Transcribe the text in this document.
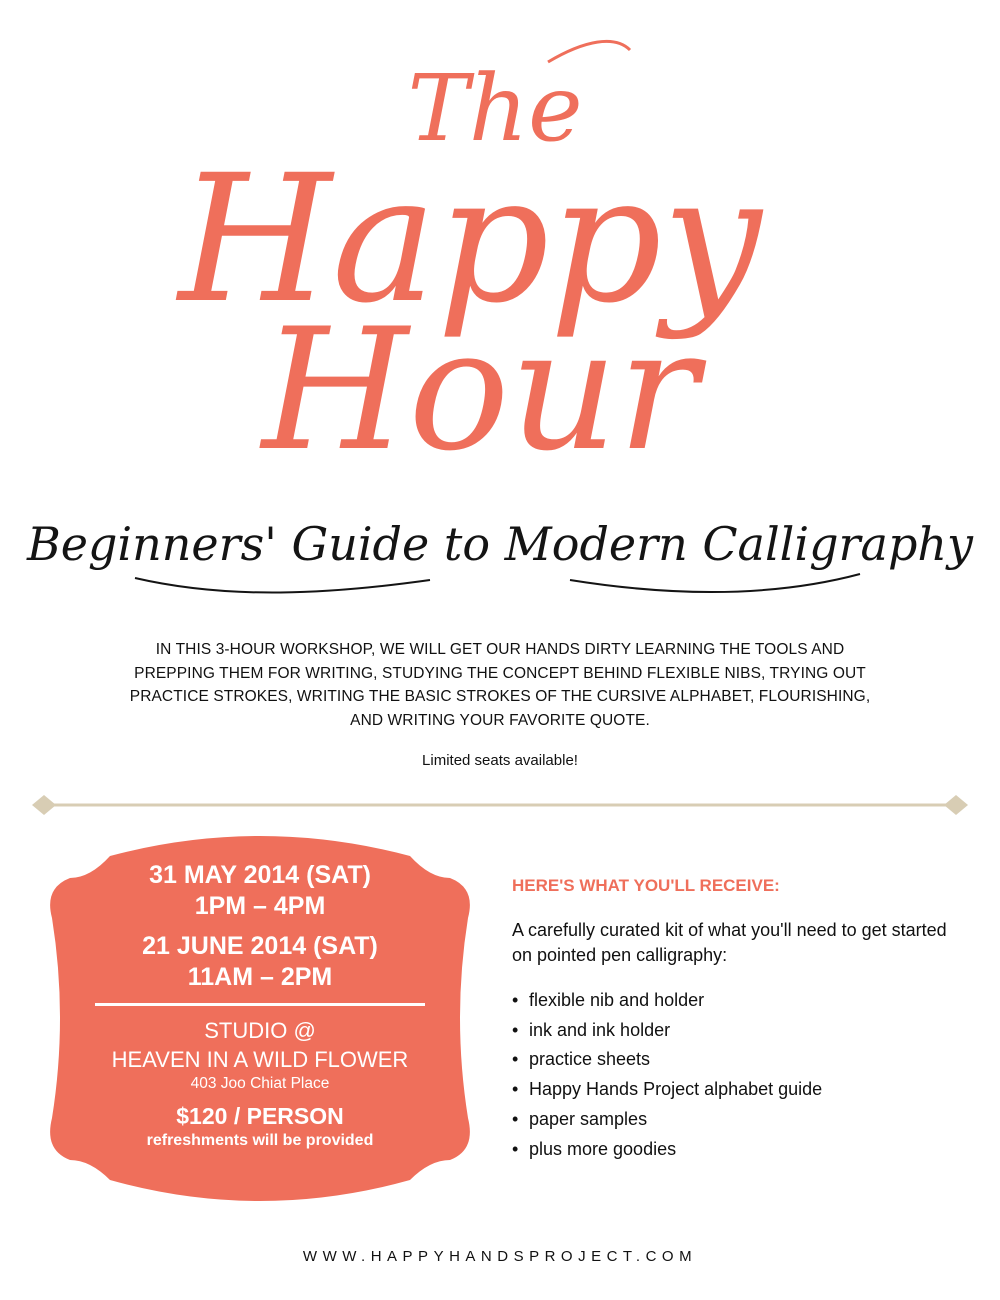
The
Happy
Hour
Beginners' Guide to Modern Calligraphy
IN THIS 3-HOUR WORKSHOP, WE WILL GET OUR HANDS DIRTY LEARNING THE TOOLS AND PREPPING THEM FOR WRITING, STUDYING THE CONCEPT BEHIND FLEXIBLE NIBS, TRYING OUT PRACTICE STROKES, WRITING THE BASIC STROKES OF THE CURSIVE ALPHABET, FLOURISHING, AND WRITING YOUR FAVORITE QUOTE.
Limited seats available!
31 MAY 2014 (SAT)
1PM – 4PM
21 JUNE 2014 (SAT)
11AM – 2PM
STUDIO @
HEAVEN IN A WILD FLOWER
403 Joo Chiat Place
$120 / PERSON
refreshments will be provided
HERE'S WHAT YOU'LL RECEIVE:
A carefully curated kit of what you'll need to get started on pointed pen calligraphy:
• flexible nib and holder
• ink and ink holder
• practice sheets
• Happy Hands Project alphabet guide
• paper samples
• plus more goodies
WWW.HAPPYHANDSPROJECT.COM
